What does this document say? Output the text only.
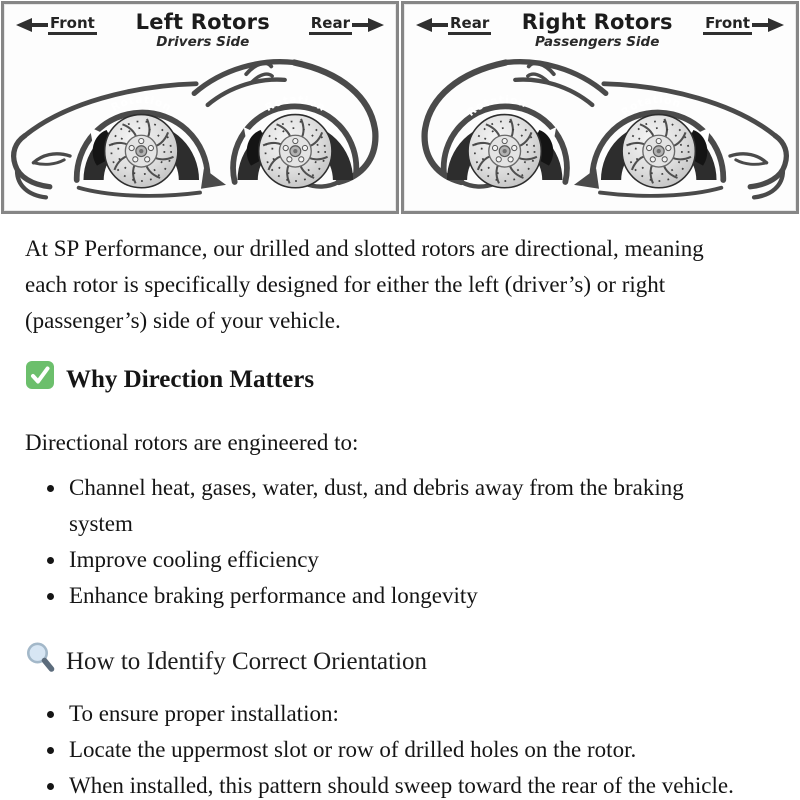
Front	Left Rotors
Drivers Side
Rear	Rear	Right Rotors
Passengers Side
Front

At SP Performance, our drilled and slotted rotors are directional, meaning each rotor is specifically designed for either the left (driver’s) or right (passenger’s) side of your vehicle.

Why Direction Matters

Directional rotors are engineered to:

• Channel heat, gases, water, dust, and debris away from the braking system
• Improve cooling efficiency
• Enhance braking performance and longevity
How to Identify Correct Orientation
• To ensure proper installation:
• Locate the uppermost slot or row of drilled holes on the rotor.
• When installed, this pattern should sweep toward the rear of the vehicle.
